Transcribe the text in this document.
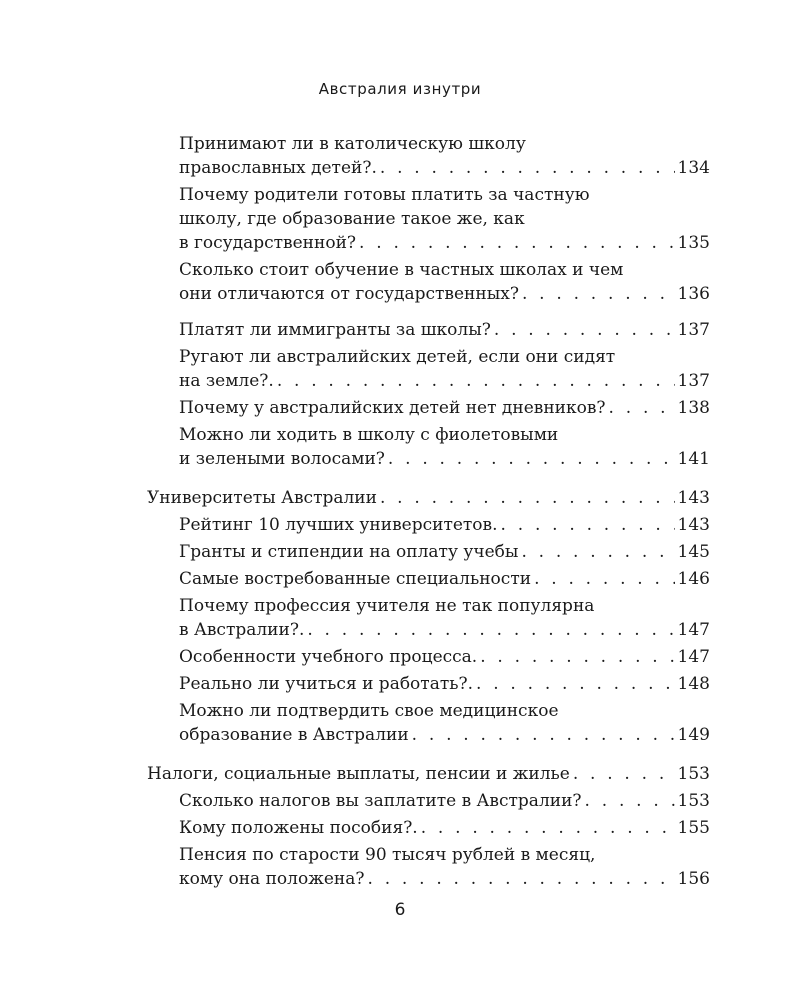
Австралия изнутри
Принимают ли в католическую школу
православных детей?. . . .	134
Почему родители готовы платить за частную
школу, где образование такое же, как
в государственной? . . .	135
Сколько стоит обучение в частных школах и чем
они отличаются от государственных? . . .	136
Платят ли иммигранты за школы? . . .	137
Ругают ли австралийских детей, если они сидят
на земле?. . . .	137
Почему у австралийских детей нет дневников? . . .	138
Можно ли ходить в школу с фиолетовыми
и зелеными волосами? . . .	141
Университеты Австралии . . .	143
Рейтинг 10 лучших университетов. . . .	143
Гранты и стипендии на оплату учебы . . .	145
Самые востребованные специальности . . .	146
Почему профессия учителя не так популярна
в Австралии?. . . .	147
Особенности учебного процесса. . . .	147
Реально ли учиться и работать?. . . .	148
Можно ли подтвердить свое медицинское
образование в Австралии . . .	149
Налоги, социальные выплаты, пенсии и жилье . . .	153
Сколько налогов вы заплатите в Австралии? . . .	153
Кому положены пособия?. . . .	155
Пенсия по старости 90 тысяч рублей в месяц,
кому она положена? . . .	156
6
